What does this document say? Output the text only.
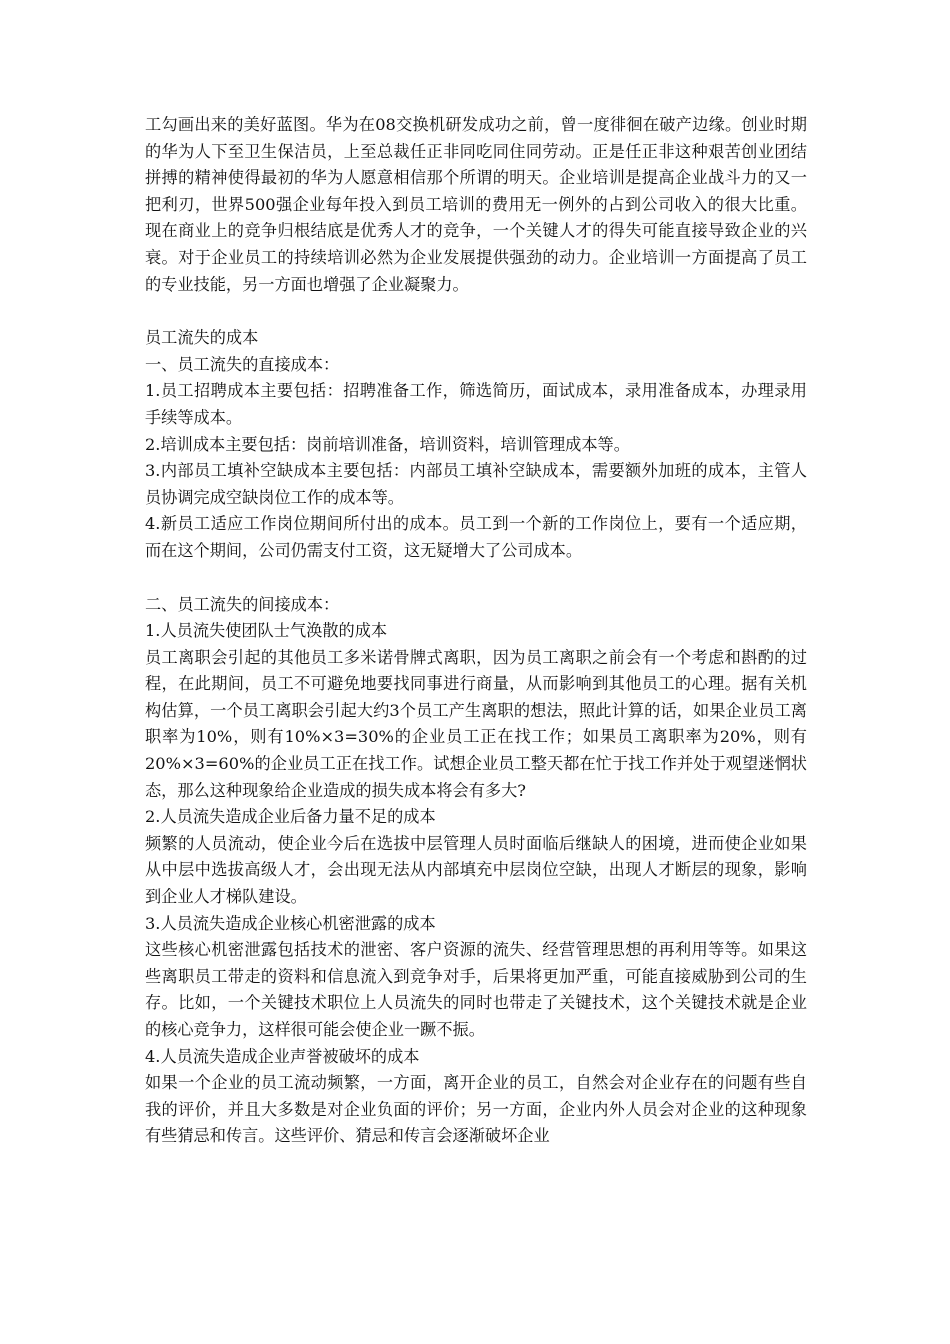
工勾画出来的美好蓝图。华为在08交换机研发成功之前，曾一度徘徊在破产边缘。创业时期的华为人下至卫生保洁员，上至总裁任正非同吃同住同劳动。正是任正非这种艰苦创业团结拼搏的精神使得最初的华为人愿意相信那个所谓的明天。企业培训是提高企业战斗力的又一把利刃，世界500强企业每年投入到员工培训的费用无一例外的占到公司收入的很大比重。现在商业上的竞争归根结底是优秀人才的竞争，一个关键人才的得失可能直接导致企业的兴衰。对于企业员工的持续培训必然为企业发展提供强劲的动力。企业培训一方面提高了员工的专业技能，另一方面也增强了企业凝聚力。

员工流失的成本

一、员工流失的直接成本：

1.员工招聘成本主要包括：招聘准备工作，筛选简历，面试成本，录用准备成本，办理录用手续等成本。

2.培训成本主要包括：岗前培训准备，培训资料，培训管理成本等。

3.内部员工填补空缺成本主要包括：内部员工填补空缺成本，需要额外加班的成本，主管人员协调完成空缺岗位工作的成本等。

4.新员工适应工作岗位期间所付出的成本。员工到一个新的工作岗位上，要有一个适应期，而在这个期间，公司仍需支付工资，这无疑增大了公司成本。

二、员工流失的间接成本：

1.人员流失使团队士气涣散的成本

员工离职会引起的其他员工多米诺骨牌式离职，因为员工离职之前会有一个考虑和斟酌的过程，在此期间，员工不可避免地要找同事进行商量，从而影响到其他员工的心理。据有关机构估算，一个员工离职会引起大约3个员工产生离职的想法，照此计算的话，如果企业员工离职率为10%，则有10%×3=30%的企业员工正在找工作；如果员工离职率为20%，则有20%×3=60%的企业员工正在找工作。试想企业员工整天都在忙于找工作并处于观望迷惘状态，那么这种现象给企业造成的损失成本将会有多大?

2.人员流失造成企业后备力量不足的成本

频繁的人员流动，使企业今后在选拔中层管理人员时面临后继缺人的困境，进而使企业如果从中层中选拔高级人才，会出现无法从内部填充中层岗位空缺，出现人才断层的现象，影响到企业人才梯队建设。

3.人员流失造成企业核心机密泄露的成本

这些核心机密泄露包括技术的泄密、客户资源的流失、经营管理思想的再利用等等。如果这些离职员工带走的资料和信息流入到竞争对手，后果将更加严重，可能直接威胁到公司的生存。比如，一个关键技术职位上人员流失的同时也带走了关键技术，这个关键技术就是企业的核心竞争力，这样很可能会使企业一蹶不振。

4.人员流失造成企业声誉被破坏的成本

如果一个企业的员工流动频繁，一方面，离开企业的员工，自然会对企业存在的问题有些自我的评价，并且大多数是对企业负面的评价；另一方面，企业内外人员会对企业的这种现象有些猜忌和传言。这些评价、猜忌和传言会逐渐破坏企业
